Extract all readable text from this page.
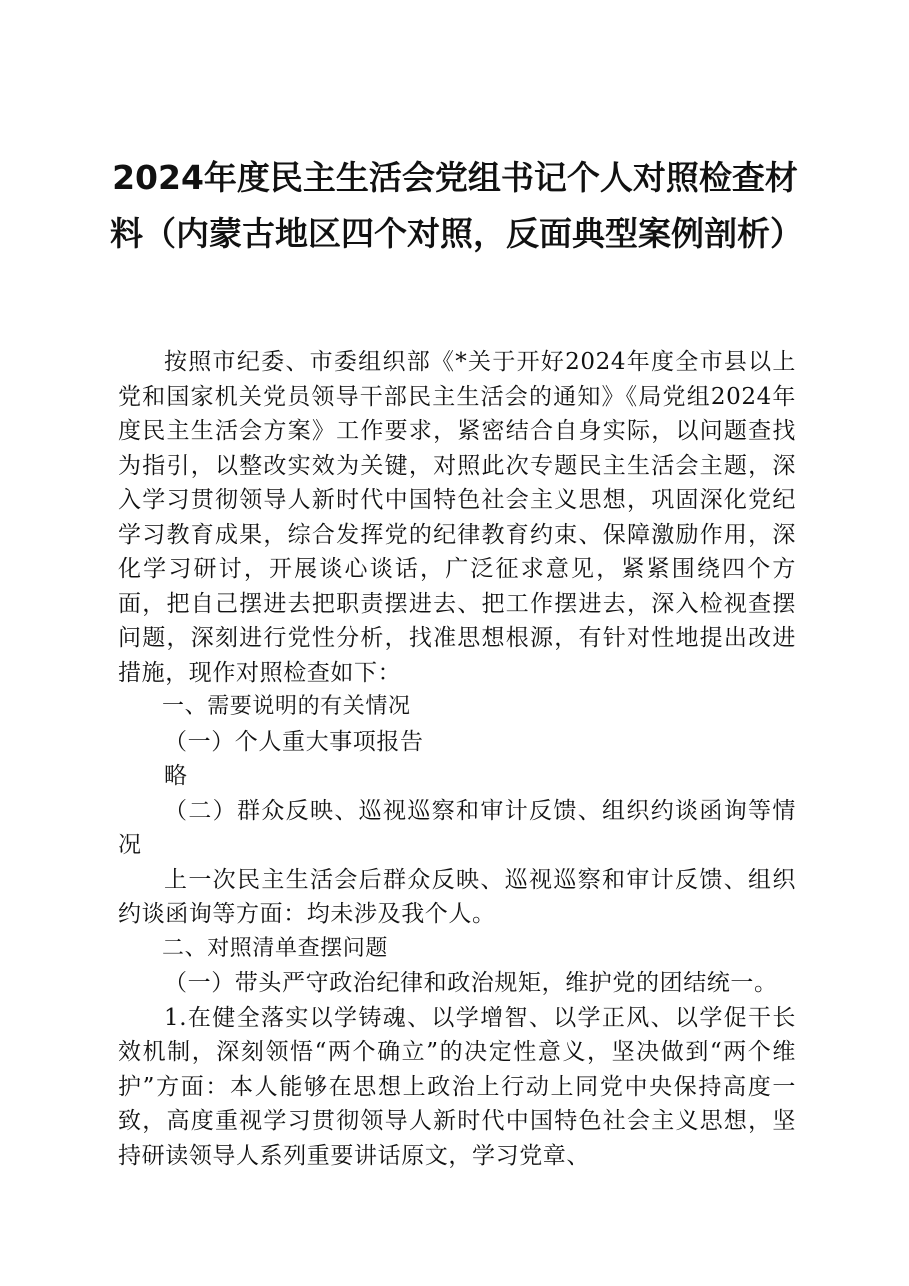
2024年度民主生活会党组书记个人对照检查材料（内蒙古地区四个对照，反面典型案例剖析）

按照市纪委、市委组织部《*关于开好2024年度全市县以上党和国家机关党员领导干部民主生活会的通知》《局党组2024年度民主生活会方案》工作要求，紧密结合自身实际，以问题查找为指引，以整改实效为关键，对照此次专题民主生活会主题，深入学习贯彻领导人新时代中国特色社会主义思想，巩固深化党纪学习教育成果，综合发挥党的纪律教育约束、保障激励作用，深化学习研讨，开展谈心谈话，广泛征求意见，紧紧围绕四个方面，把自己摆进去把职责摆进去、把工作摆进去，深入检视查摆问题，深刻进行党性分析，找准思想根源，有针对性地提出改进措施，现作对照检查如下：

一、需要说明的有关情况

（一）个人重大事项报告

略

（二）群众反映、巡视巡察和审计反馈、组织约谈函询等情况

上一次民主生活会后群众反映、巡视巡察和审计反馈、组织约谈函询等方面：均未涉及我个人。

二、对照清单查摆问题

（一）带头严守政治纪律和政治规矩，维护党的团结统一。

1.在健全落实以学铸魂、以学增智、以学正风、以学促干长效机制，深刻领悟“两个确立”的决定性意义，坚决做到“两个维护”方面：本人能够在思想上政治上行动上同党中央保持高度一致，高度重视学习贯彻领导人新时代中国特色社会主义思想，坚持研读领导人系列重要讲话原文，学习党章、
